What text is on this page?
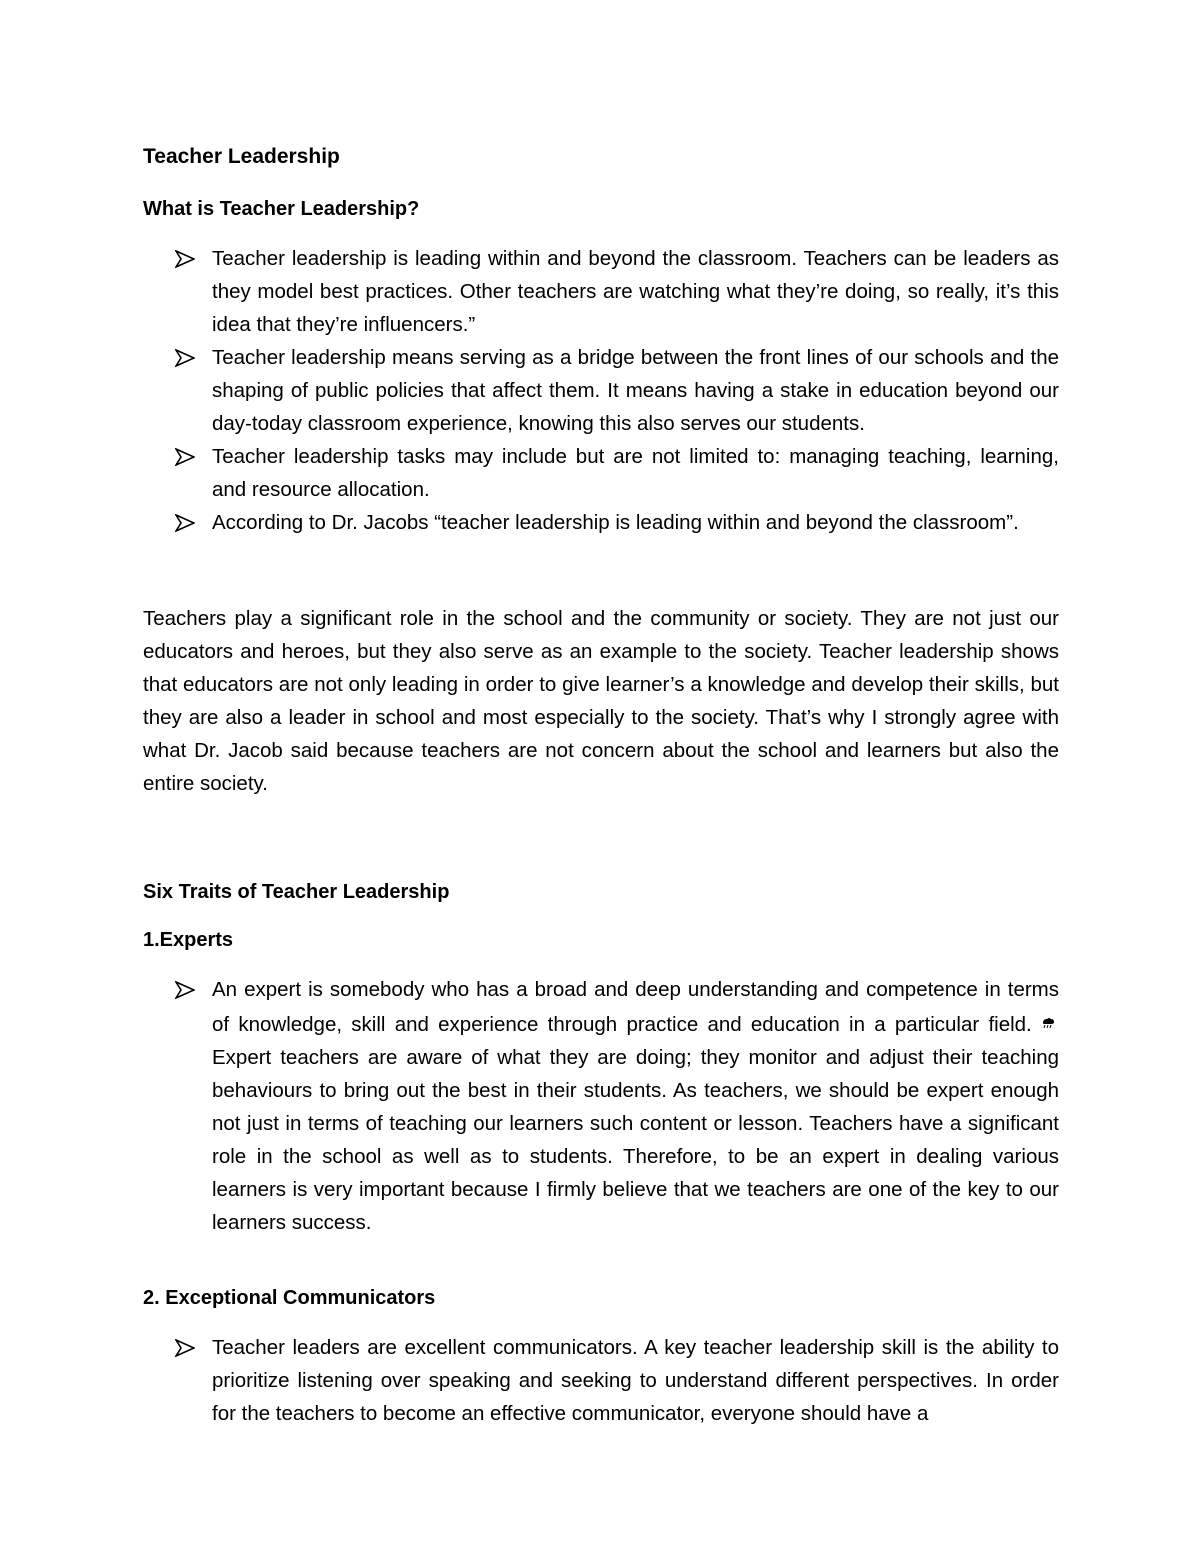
Teacher Leadership
What is Teacher Leadership?
Teacher leadership is leading within and beyond the classroom. Teachers can be leaders as they model best practices. Other teachers are watching what they’re doing, so really, it’s this idea that they’re influencers.”
Teacher leadership means serving as a bridge between the front lines of our schools and the shaping of public policies that affect them. It means having a stake in education beyond our day-today classroom experience, knowing this also serves our students.
Teacher leadership tasks may include but are not limited to: managing teaching, learning, and resource allocation.
According to Dr. Jacobs “teacher leadership is leading within and beyond the classroom”.

Teachers play a significant role in the school and the community or society. They are not just our educators and heroes, but they also serve as an example to the society. Teacher leadership shows that educators are not only leading in order to give learner’s a knowledge and develop their skills, but they are also a leader in school and most especially to the society. That’s why I strongly agree with what Dr. Jacob said because teachers are not concern about the school and learners but also the entire society.

Six Traits of Teacher Leadership
1.Experts
An expert is somebody who has a broad and deep understanding and competence in terms of knowledge, skill and experience through practice and education in a particular field.  Expert teachers are aware of what they are doing; they monitor and adjust their teaching behaviours to bring out the best in their students. As teachers, we should be expert enough not just in terms of teaching our learners such content or lesson. Teachers have a significant role in the school as well as to students. Therefore, to be an expert in dealing various learners is very important because I firmly believe that we teachers are one of the key to our learners success.
2. Exceptional Communicators
Teacher leaders are excellent communicators. A key teacher leadership skill is the ability to prioritize listening over speaking and seeking to understand different perspectives. In order for the teachers to become an effective communicator, everyone should have a
